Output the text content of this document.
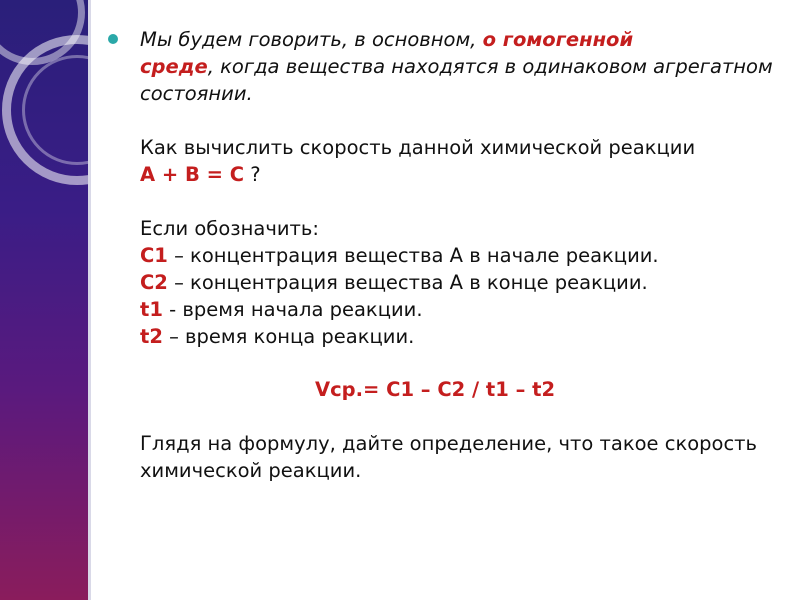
Мы будем говорить, в основном, о гомогенной
среде, когда вещества находятся в одинаковом агрегатном состоянии.

Как вычислить скорость данной химической реакции
A + B = C ?

Если обозначить:
C1 – концентрация вещества А в начале реакции.
C2 – концентрация вещества А в конце реакции.
t1 - время начала реакции.
t2 – время конца реакции.

Vср.= C1 – C2 / t1 – t2

Глядя на формулу, дайте определение, что такое скорость химической реакции.
